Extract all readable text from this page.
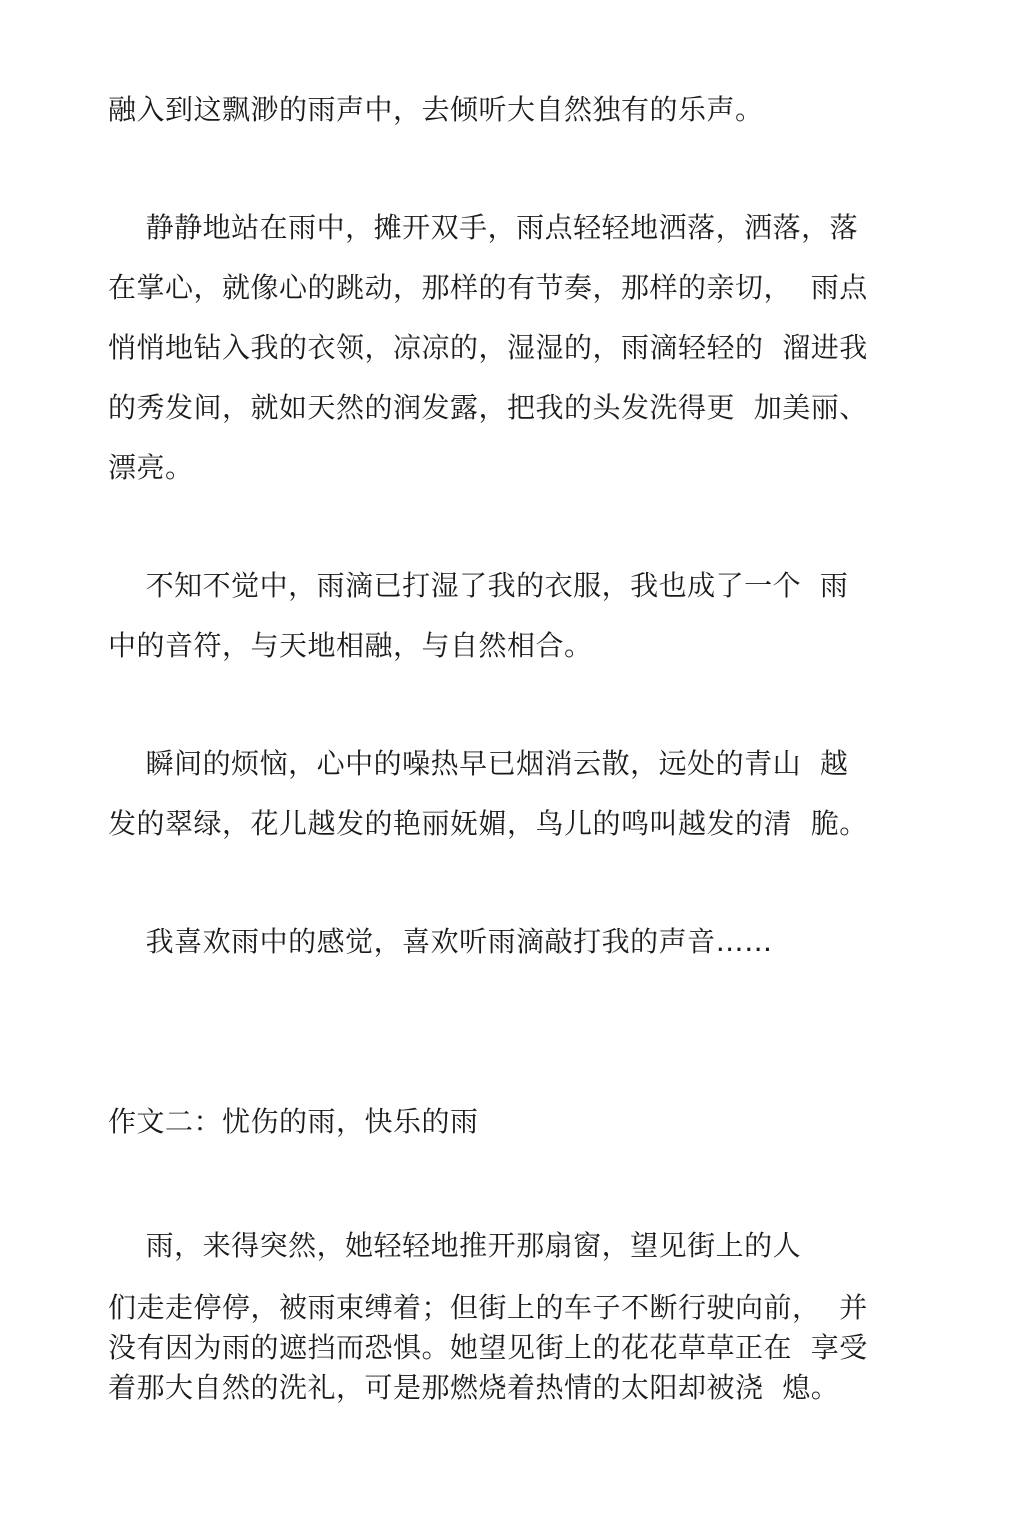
融入到这飘渺的雨声中，去倾听大自然独有的乐声。
静静地站在雨中，摊开双手，雨点轻轻地洒落，洒落，落
在掌心，就像心的跳动，那样的有节奏，那样的亲切，  雨点
悄悄地钻入我的衣领，凉凉的，湿湿的，雨滴轻轻的  溜进我
的秀发间，就如天然的润发露，把我的头发洗得更  加美丽、
漂亮。
不知不觉中，雨滴已打湿了我的衣服，我也成了一个  雨
中的音符，与天地相融，与自然相合。
瞬间的烦恼，心中的噪热早已烟消云散，远处的青山  越
发的翠绿，花儿越发的艳丽妩媚，鸟儿的鸣叫越发的清  脆。
我喜欢雨中的感觉，喜欢听雨滴敲打我的声音……
作文二：忧伤的雨，快乐的雨
雨，来得突然，她轻轻地推开那扇窗，望见街上的人
们走走停停，被雨束缚着；但街上的车子不断行驶向前，  并
没有因为雨的遮挡而恐惧。她望见街上的花花草草正在  享受
着那大自然的洗礼，可是那燃烧着热情的太阳却被浇  熄。
